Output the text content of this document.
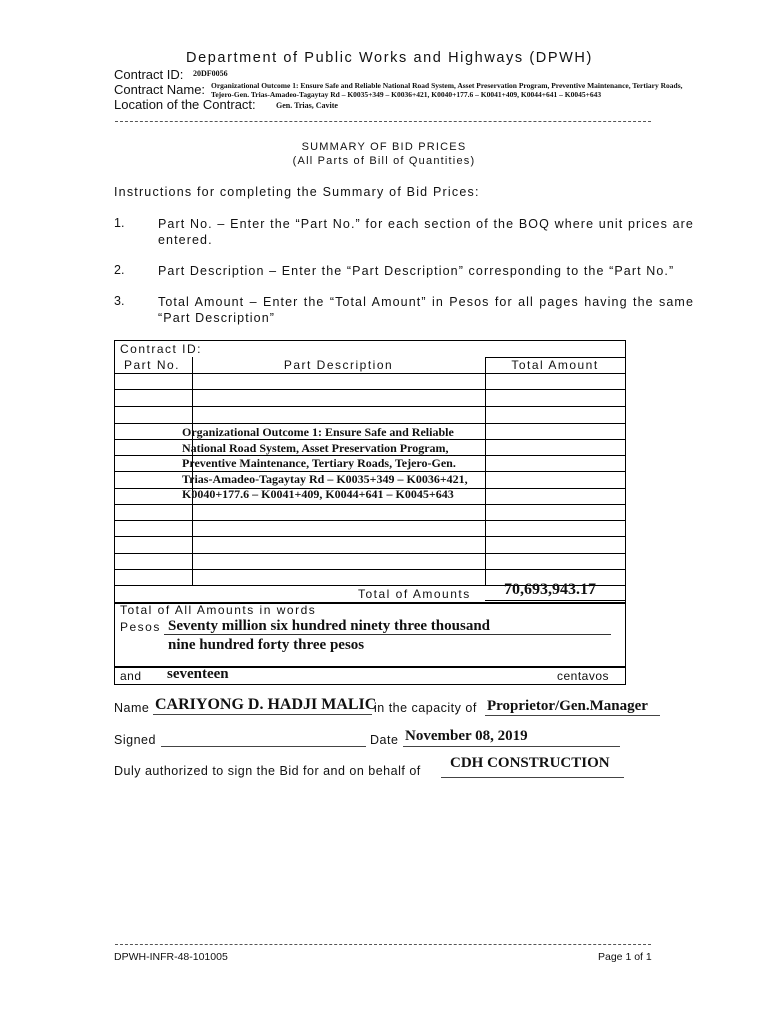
Department of Public Works and Highways (DPWH)
Contract ID: 20DF0056
Contract Name: Organizational Outcome 1: Ensure Safe and Reliable National Road System, Asset Preservation Program, Preventive Maintenance, Tertiary Roads,
Tejero-Gen. Trias-Amadeo-Tagaytay Rd – K0035+349 – K0036+421, K0040+177.6 – K0041+409, K0044+641 – K0045+643
Location of the Contract:	Gen. Trias, Cavite
SUMMARY OF BID PRICES
(All Parts of Bill of Quantities)
Instructions for completing the Summary of Bid Prices:
1.	Part No. – Enter the “Part No.” for each section of the BOQ where unit prices are
entered.
2.	Part Description – Enter the “Part Description” corresponding to the “Part No.”
3.	Total Amount – Enter the “Total Amount” in Pesos for all pages having the same
“Part Description”
Contract ID:
Part No.	Part Description	Total Amount
Organizational Outcome 1: Ensure Safe and Reliable
National Road System, Asset Preservation Program,
Preventive Maintenance, Tertiary Roads, Tejero-Gen.
Trias-Amadeo-Tagaytay Rd – K0035+349 – K0036+421,
K0040+177.6 – K0041+409, K0044+641 – K0045+643
Total of Amounts 70,693,943.17
Total of All Amounts in words
Pesos Seventy million six hundred ninety three thousand
nine hundred forty three pesos
and seventeen	centavos
Name CARIYONG D. HADJI MALIC
in the capacity of Proprietor/Gen.Manager
Signed	Date November 08, 2019
Duly authorized to sign the Bid for and on behalf of CDH CONSTRUCTION
DPWH-INFR-48-101005	Page 1 of 1
